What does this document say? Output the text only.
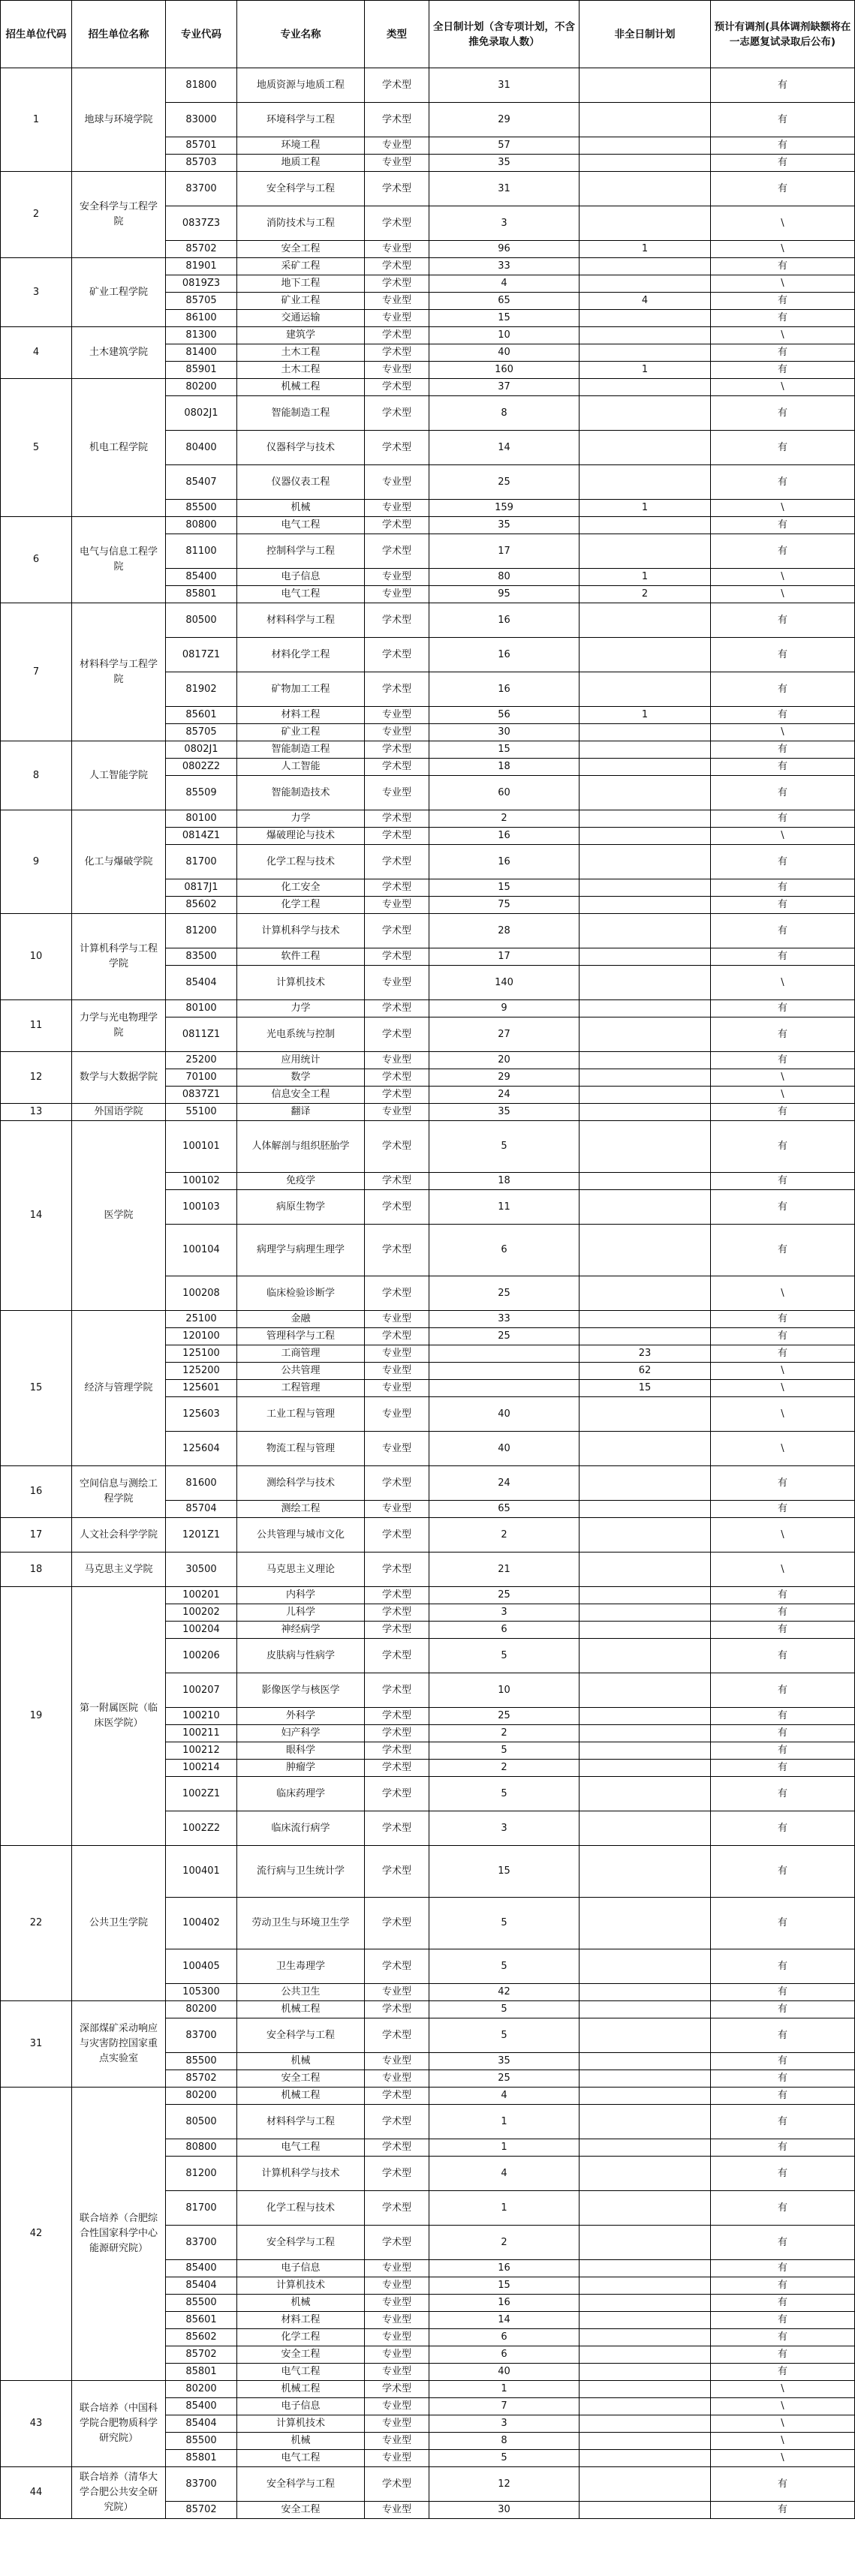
招生单位代码	招生单位名称	专业代码	专业名称	类型	全日制计划（含专项计划，不含推免录取人数）	非全日制计划	预计有调剂(具体调剂缺额将在一志愿复试录取后公布)
1	地球与环境学院	81800	地质资源与地质工程	学术型	31		有
		83000	环境科学与工程	学术型	29		有
		85701	环境工程	专业型	57		有
		85703	地质工程	专业型	35		有
2	安全科学与工程学院	83700	安全科学与工程	学术型	31		有
		0837Z3	消防技术与工程	学术型	3		\
		85702	安全工程	专业型	96	1	\
3	矿业工程学院	81901	采矿工程	学术型	33		有
		0819Z3	地下工程	学术型	4		\
		85705	矿业工程	专业型	65	4	有
		86100	交通运输	专业型	15		有
4	土木建筑学院	81300	建筑学	学术型	10		\
		81400	土木工程	学术型	40		有
		85901	土木工程	专业型	160	1	有
5	机电工程学院	80200	机械工程	学术型	37		\
		0802J1	智能制造工程	学术型	8		有
		80400	仪器科学与技术	学术型	14		有
		85407	仪器仪表工程	专业型	25		有
		85500	机械	专业型	159	1	\
6	电气与信息工程学院	80800	电气工程	学术型	35		有
		81100	控制科学与工程	学术型	17		有
		85400	电子信息	专业型	80	1	\
		85801	电气工程	专业型	95	2	\
7	材料科学与工程学院	80500	材料科学与工程	学术型	16		有
		0817Z1	材料化学工程	学术型	16		有
		81902	矿物加工工程	学术型	16		有
		85601	材料工程	专业型	56	1	有
		85705	矿业工程	专业型	30		\
8	人工智能学院	0802J1	智能制造工程	学术型	15		有
		0802Z2	人工智能	学术型	18		有
		85509	智能制造技术	专业型	60		有
9	化工与爆破学院	80100	力学	学术型	2		有
		0814Z1	爆破理论与技术	学术型	16		\
		81700	化学工程与技术	学术型	16		有
		0817J1	化工安全	学术型	15		有
		85602	化学工程	专业型	75		有
10	计算机科学与工程学院	81200	计算机科学与技术	学术型	28		有
		83500	软件工程	学术型	17		有
		85404	计算机技术	专业型	140		\
11	力学与光电物理学院	80100	力学	学术型	9		有
		0811Z1	光电系统与控制	学术型	27		有
12	数学与大数据学院	25200	应用统计	专业型	20		有
		70100	数学	学术型	29		\
		0837Z1	信息安全工程	学术型	24		\
13	外国语学院	55100	翻译	专业型	35		有
14	医学院	100101	人体解剖与组织胚胎学	学术型	5		有
		100102	免疫学	学术型	18		有
		100103	病原生物学	学术型	11		有
		100104	病理学与病理生理学	学术型	6		有
		100208	临床检验诊断学	学术型	25		\
15	经济与管理学院	25100	金融	专业型	33		有
		120100	管理科学与工程	学术型	25		有
		125100	工商管理	专业型		23	有
		125200	公共管理	专业型		62	\
		125601	工程管理	专业型		15	\
		125603	工业工程与管理	专业型	40		\
		125604	物流工程与管理	专业型	40		\
16	空间信息与测绘工程学院	81600	测绘科学与技术	学术型	24		有
		85704	测绘工程	专业型	65		有
17	人文社会科学学院	1201Z1	公共管理与城市文化	学术型	2		\
18	马克思主义学院	30500	马克思主义理论	学术型	21		\
19	第一附属医院（临床医学院）	100201	内科学	学术型	25		有
		100202	儿科学	学术型	3		有
		100204	神经病学	学术型	6		有
		100206	皮肤病与性病学	学术型	5		有
		100207	影像医学与核医学	学术型	10		有
		100210	外科学	学术型	25		有
		100211	妇产科学	学术型	2		有
		100212	眼科学	学术型	5		有
		100214	肿瘤学	学术型	2		有
		1002Z1	临床药理学	学术型	5		有
		1002Z2	临床流行病学	学术型	3		有
22	公共卫生学院	100401	流行病与卫生统计学	学术型	15		有
		100402	劳动卫生与环境卫生学	学术型	5		有
		100405	卫生毒理学	学术型	5		有
		105300	公共卫生	专业型	42		有
31	深部煤矿采动响应与灾害防控国家重点实验室	80200	机械工程	学术型	5		有
		83700	安全科学与工程	学术型	5		有
		85500	机械	专业型	35		有
		85702	安全工程	专业型	25		有
42	联合培养（合肥综合性国家科学中心能源研究院）	80200	机械工程	学术型	4		有
		80500	材料科学与工程	学术型	1		有
		80800	电气工程	学术型	1		有
		81200	计算机科学与技术	学术型	4		有
		81700	化学工程与技术	学术型	1		有
		83700	安全科学与工程	学术型	2		有
		85400	电子信息	专业型	16		有
		85404	计算机技术	专业型	15		有
		85500	机械	专业型	16		有
		85601	材料工程	专业型	14		有
		85602	化学工程	专业型	6		有
		85702	安全工程	专业型	6		有
		85801	电气工程	专业型	40		有
43	联合培养（中国科学院合肥物质科学研究院）	80200	机械工程	学术型	1		\
		85400	电子信息	专业型	7		\
		85404	计算机技术	专业型	3		\
		85500	机械	专业型	8		\
		85801	电气工程	专业型	5		\
44	联合培养（清华大学合肥公共安全研究院）	83700	安全科学与工程	学术型	12		有
		85702	安全工程	专业型	30		有
